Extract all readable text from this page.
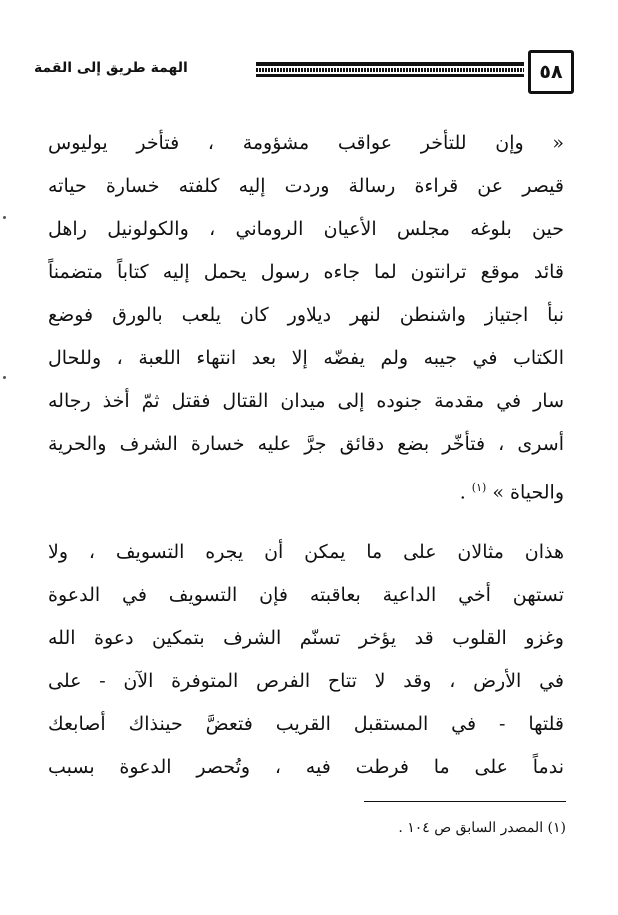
الهمة طريق إلى القمة	٥٨
« وإن للتأخر عواقب مشؤومة ، فتأخر يوليوس
قيصر عن قراءة رسالة وردت إليه كلفته خسارة حياته
حين بلوغه مجلس الأعيان الروماني ، والكولونيل راهل
قائد موقع ترانتون لما جاءه رسول يحمل إليه كتاباً متضمناً
نبأ اجتياز واشنطن لنهر ديلاور كان يلعب بالورق فوضع
الكتاب في جيبه ولم يفضّه إلا بعد انتهاء اللعبة ، وللحال
سار في مقدمة جنوده إلى ميدان القتال فقتل ثمّ أخذ رجاله
أسرى ، فتأخّر بضع دقائق جرَّ عليه خسارة الشرف والحرية
والحياة » $^{(١)}$ .
هذان مثالان على ما يمكن أن يجره التسويف ، ولا
تستهن أخي الداعية بعاقبته فإن التسويف في الدعوة
وغزو القلوب قد يؤخر تسنّم الشرف بتمكين دعوة الله
في الأرض ، وقد لا تتاح الفرص المتوفرة الآن - على
قلتها - في المستقبل القريب فتعضَّ حينذاك أصابعك
ندماً على ما فرطت فيه ، وتُحصر الدعوة بسبب
(١) المصدر السابق ص ١٠٤ .
